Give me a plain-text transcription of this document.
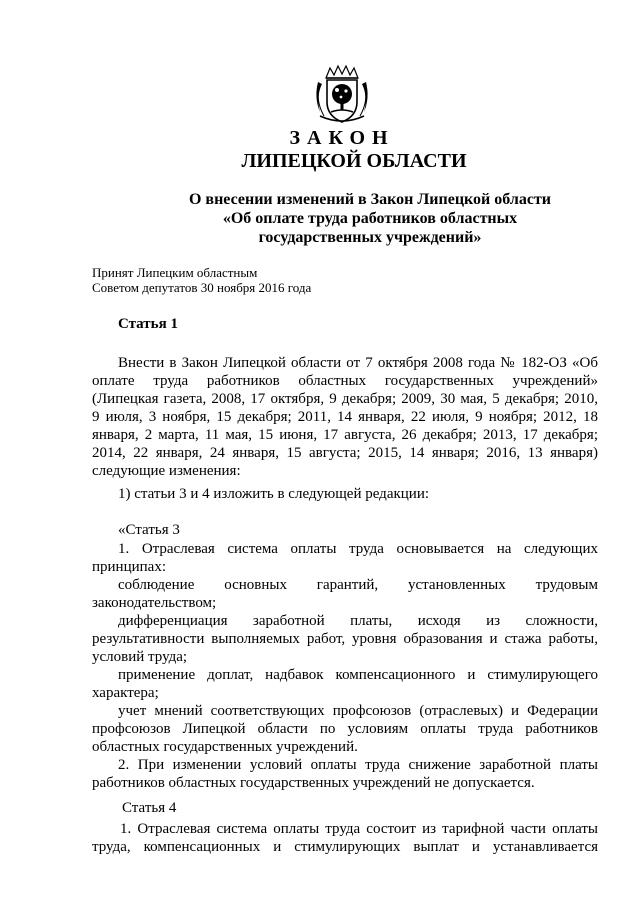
ЗАКОН
ЛИПЕЦКОЙ ОБЛАСТИ
О внесении изменений в Закон Липецкой области
«Об оплате труда работников областных
государственных учреждений»
Принят Липецким областным
Советом депутатов 30 ноября 2016 года
Статья 1
Внести в Закон Липецкой области от 7 октября 2008 года № 182-ОЗ «Об
оплате труда работников областных государственных учреждений»
(Липецкая газета, 2008, 17 октября, 9 декабря; 2009, 30 мая, 5 декабря; 2010,
9 июля, 3 ноября, 15 декабря; 2011, 14 января, 22 июля, 9 ноября; 2012, 18
января, 2 марта, 11 мая, 15 июня, 17 августа, 26 декабря; 2013, 17 декабря;
2014, 22 января, 24 января, 15 августа; 2015, 14 января; 2016, 13 января)
следующие изменения:
1) статьи 3 и 4 изложить в следующей редакции:
«Статья 3
1. Отраслевая система оплаты труда основывается на следующих
принципах:
соблюдение основных гарантий, установленных трудовым
законодательством;
дифференциация заработной платы, исходя из сложности,
результативности выполняемых работ, уровня образования и стажа работы,
условий труда;
применение доплат, надбавок компенсационного и стимулирующего
характера;
учет мнений соответствующих профсоюзов (отраслевых) и Федерации
профсоюзов Липецкой области по условиям оплаты труда работников
областных государственных учреждений.
2. При изменении условий оплаты труда снижение заработной платы
работников областных государственных учреждений не допускается.
Статья 4
1. Отраслевая система оплаты труда состоит из тарифной части оплаты
труда, компенсационных и стимулирующих выплат и устанавливается
